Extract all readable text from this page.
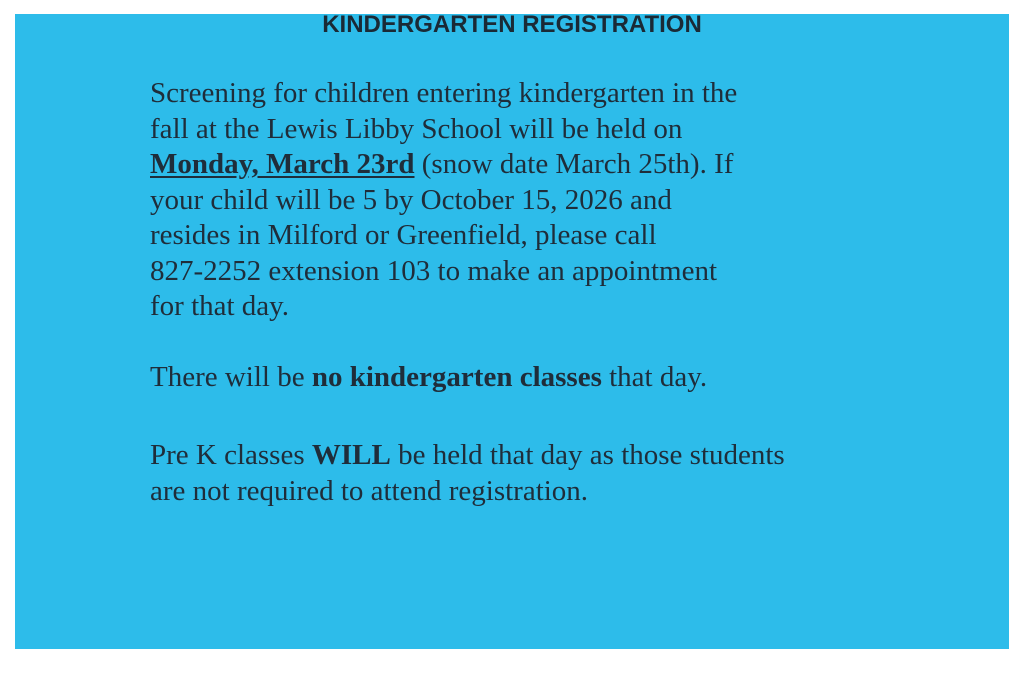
KINDERGARTEN REGISTRATION
Screening for children entering kindergarten in the
fall at the Lewis Libby School will be held on
Monday, March 23rd (snow date March 25th). If
your child will be 5 by October 15, 2026 and
resides in Milford or Greenfield, please call
827-2252 extension 103 to make an appointment
for that day.
There will be no kindergarten classes that day.
Pre K classes WILL be held that day as those students
are not required to attend registration.
